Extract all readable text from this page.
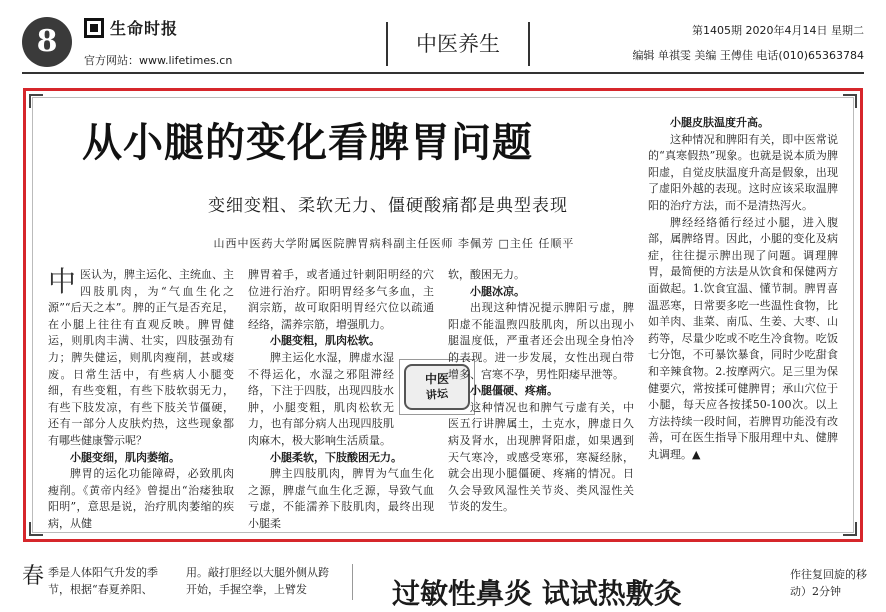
8	生命时报
官方网站：www.lifetimes.cn
中医养生
第1405期 2020年4月14日 星期二
编辑 单祺雯 美编 王傅佳 电话(010)65363784
从小腿的变化看脾胃问题
变细变粗、柔软无力、僵硬酸痛都是典型表现
山西中医药大学附属医院脾胃病科副主任医师 李佩芳 □主任 任顺平

中医认为，脾主运化、主统血、主四肢肌肉，为“气血生化之源”“后天之本”。脾的正气是否充足，在小腿上往往有直观反映。脾胃健运，则肌肉丰满、壮实，四肢强劲有力；脾失健运，则肌肉瘦削，甚或痿废。日常生活中，有些病人小腿变细，有些变粗，有些下肢软弱无力，有些下肢发凉，有些下肢关节僵硬，还有一部分人皮肤灼热，这些现象都有哪些健康警示呢？

小腿变细，肌肉萎缩。

脾胃的运化功能障碍，必致肌肉瘦削。《黄帝内经》曾提出“治痿独取阳明”，意思是说，治疗肌肉萎缩的疾病，从健

脾胃着手，或者通过针刺阳明经的穴位进行治疗。阳明胃经多气多血，主润宗筋，故可取阳明胃经穴位以疏通经络，濡养宗筋，增强肌力。

小腿变粗，肌肉松软。

脾主运化水湿，脾虚水湿不得运化，水湿之邪阻滞经络，下注于四肢，出现四肢水肿，小腿变粗，肌肉松软无力，也有部分病人出现四肢肌肉麻木，极大影响生活质量。

小腿柔软，下肢酸困无力。

脾主四肢肌肉，脾胃为气血生化之源，脾虚气血生化乏源，导致气血亏虚，不能濡养下肢肌肉，最终出现小腿柔

中医
讲坛

软，酸困无力。

小腿冰凉。

出现这种情况提示脾阳亏虚，脾阳虚不能温煦四肢肌肉，所以出现小腿温度低，严重者还会出现全身怕冷的表现。进一步发展，女性出现白带增多、宫寒不孕，男性阳痿早泄等。

小腿僵硬、疼痛。

这种情况也和脾气亏虚有关，中医五行讲脾属土，土克水，脾虚日久病及肾水，出现脾肾阳虚，如果遇到天气寒冷，或感受寒邪，寒凝经脉，就会出现小腿僵硬、疼痛的情况。日久会导致风湿性关节炎、类风湿性关节炎的发生。

小腿皮肤温度升高。

这种情况和脾阳有关，即中医常说的“真寒假热”现象。也就是说本质为脾阳虚，自觉皮肤温度升高是假象，出现了虚阳外越的表现。这时应该采取温脾阳的治疗方法，而不是清热泻火。

脾经经络循行经过小腿，进入腹部，属脾络胃。因此，小腿的变化及病症，往往提示脾出现了问题。调理脾胃，最简便的方法是从饮食和保健两方面做起。1.饮食宜温、懂节制。脾胃喜温恶寒，日常要多吃一些温性食物，比如羊肉、韭菜、南瓜、生姜、大枣、山药等，尽量少吃或不吃生冷食物。吃饭七分饱，不可暴饮暴食，同时少吃甜食和辛辣食物。2.按摩两穴。足三里为保健要穴，常按揉可健脾胃；承山穴位于小腿，每天应各按揉50-100次。以上方法持续一段时间，若脾胃功能没有改善，可在医生指导下服用理中丸、健脾丸调理。▲

春季是人体阳气升发的季节，根据“春夏养阳、
用。敲打胆经以大腿外侧从跨开始，手握空拳，上臂发	过敏性鼻炎 试试热敷灸
作往复回旋的移动）2分钟
